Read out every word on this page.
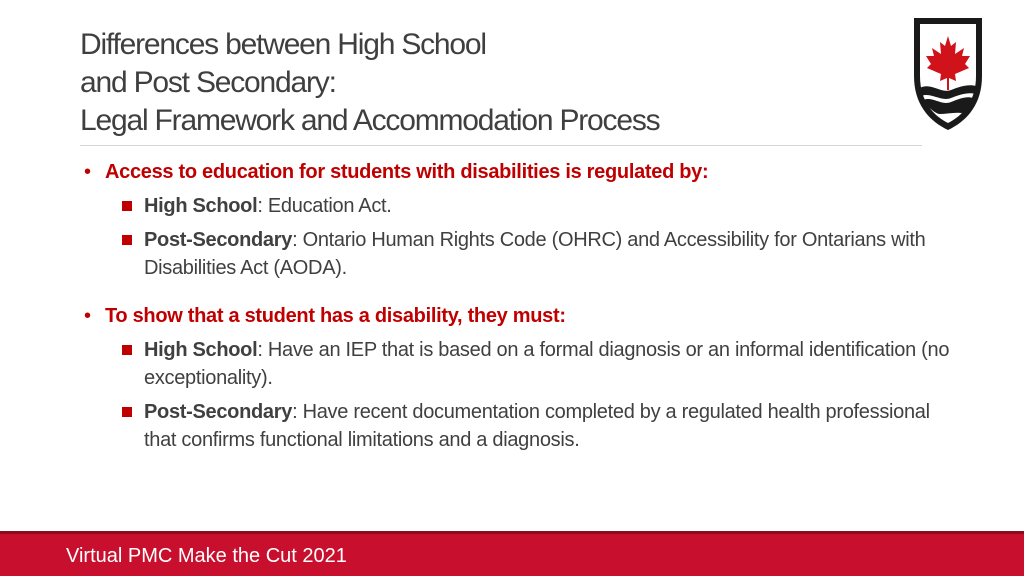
Differences between High School
and Post Secondary:
Legal Framework and Accommodation Process
• Access to education for students with disabilities is regulated by:
High School: Education Act.
Post-Secondary: Ontario Human Rights Code (OHRC) and Accessibility for Ontarians with Disabilities Act (AODA).
• To show that a student has a disability, they must:
High School: Have an IEP that is based on a formal diagnosis or an informal identification (no exceptionality).
Post-Secondary: Have recent documentation completed by a regulated health professional that confirms functional limitations and a diagnosis.
Virtual PMC Make the Cut 2021
